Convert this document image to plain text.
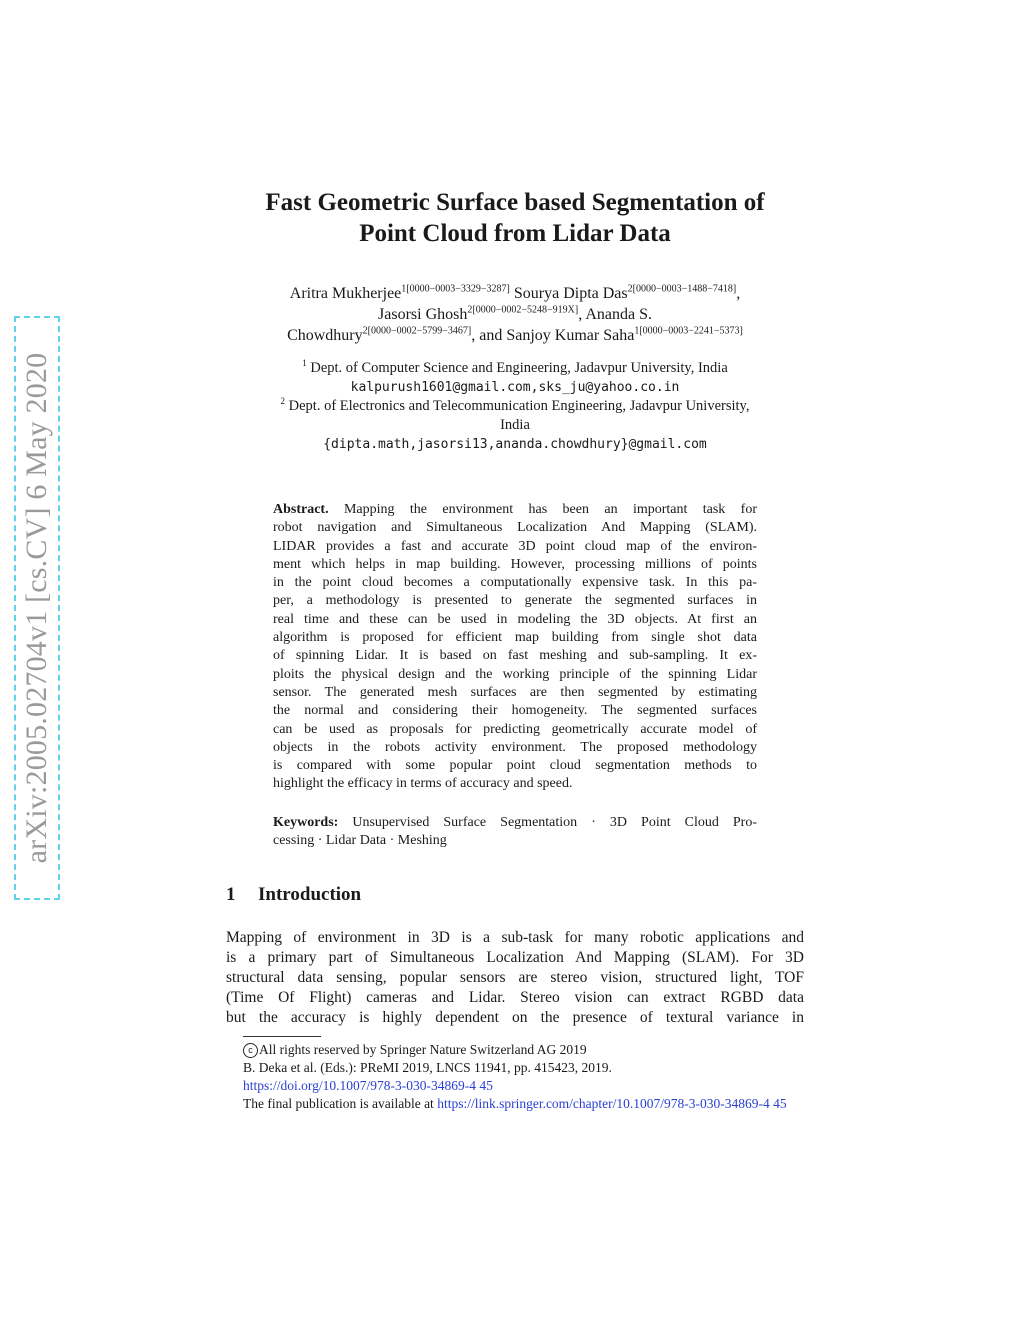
arXiv:2005.02704v1 [cs.CV] 6 May 2020
Fast Geometric Surface based Segmentation of
Point Cloud from Lidar Data
Aritra Mukherjee$^{1[0000-0003-3329-3287]}$ Sourya Dipta Das$^{2[0000-0003-1488-7418]}$,
Jasorsi Ghosh$^{2[0000-0002-5248-919X]}$, Ananda S.
Chowdhury$^{2[0000-0002-5799-3467]}$, and Sanjoy Kumar Saha$^{1[0000-0003-2241-5373]}$
$^1$ Dept. of Computer Science and Engineering, Jadavpur University, India
kalpurush1601@gmail.com,sks_ju@yahoo.co.in
$^2$ Dept. of Electronics and Telecommunication Engineering, Jadavpur University,
India
{dipta.math,jasorsi13,ananda.chowdhury}@gmail.com
Abstract. Mapping the environment has been an important task for
robot navigation and Simultaneous Localization And Mapping (SLAM).
LIDAR provides a fast and accurate 3D point cloud map of the environ-
ment which helps in map building. However, processing millions of points
in the point cloud becomes a computationally expensive task. In this pa-
per, a methodology is presented to generate the segmented surfaces in
real time and these can be used in modeling the 3D objects. At first an
algorithm is proposed for efficient map building from single shot data
of spinning Lidar. It is based on fast meshing and sub-sampling. It ex-
ploits the physical design and the working principle of the spinning Lidar
sensor. The generated mesh surfaces are then segmented by estimating
the normal and considering their homogeneity. The segmented surfaces
can be used as proposals for predicting geometrically accurate model of
objects in the robots activity environment. The proposed methodology
is compared with some popular point cloud segmentation methods to
highlight the efficacy in terms of accuracy and speed.
Keywords: Unsupervised Surface Segmentation · 3D Point Cloud Pro-
cessing · Lidar Data · Meshing
1 Introduction
Mapping of environment in 3D is a sub-task for many robotic applications and
is a primary part of Simultaneous Localization And Mapping (SLAM). For 3D
structural data sensing, popular sensors are stereo vision, structured light, TOF
(Time Of Flight) cameras and Lidar. Stereo vision can extract RGBD data
but the accuracy is highly dependent on the presence of textural variance in
c All rights reserved by Springer Nature Switzerland AG 2019
B. Deka et al. (Eds.): PReMI 2019, LNCS 11941, pp. 415423, 2019.
https://doi.org/10.1007/978-3-030-34869-4 45
The final publication is available at https://link.springer.com/chapter/10.1007/978-3-030-34869-4 45
